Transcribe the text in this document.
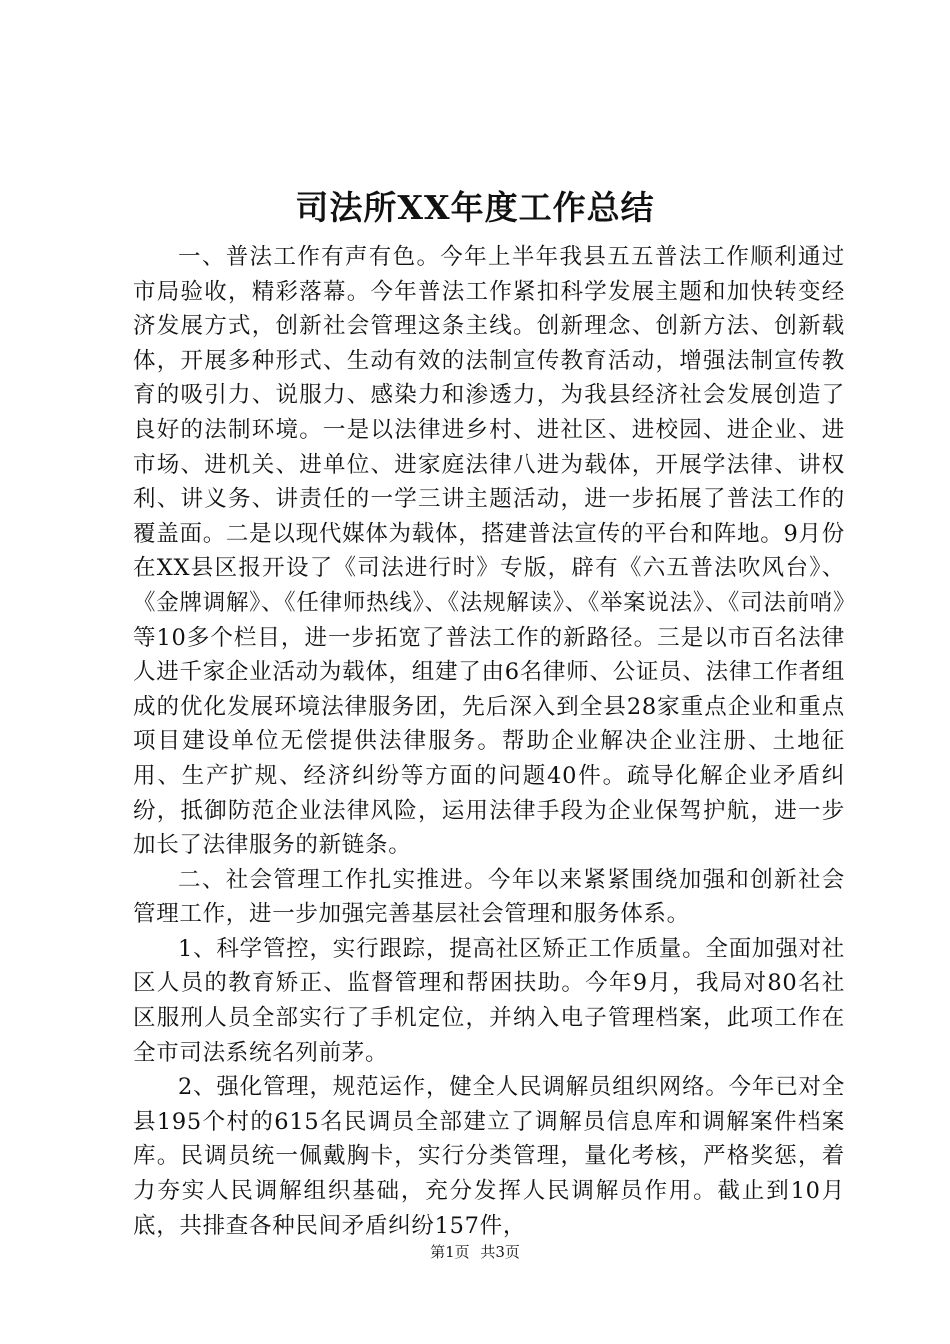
司法所XX年度工作总结

一、普法工作有声有色。今年上半年我县五五普法工作顺利通过市局验收，精彩落幕。今年普法工作紧扣科学发展主题和加快转变经济发展方式，创新社会管理这条主线。创新理念、创新方法、创新载体，开展多种形式、生动有效的法制宣传教育活动，增强法制宣传教育的吸引力、说服力、感染力和渗透力，为我县经济社会发展创造了良好的法制环境。一是以法律进乡村、进社区、进校园、进企业、进市场、进机关、进单位、进家庭法律八进为载体，开展学法律、讲权利、讲义务、讲责任的一学三讲主题活动，进一步拓展了普法工作的覆盖面。二是以现代媒体为载体，搭建普法宣传的平台和阵地。9月份在XX县区报开设了《司法进行时》专版，辟有《六五普法吹风台》、《金牌调解》、《任律师热线》、《法规解读》、《举案说法》、《司法前哨》等10多个栏目，进一步拓宽了普法工作的新路径。三是以市百名法律人进千家企业活动为载体，组建了由6名律师、公证员、法律工作者组成的优化发展环境法律服务团，先后深入到全县28家重点企业和重点项目建设单位无偿提供法律服务。帮助企业解决企业注册、土地征用、生产扩规、经济纠纷等方面的问题40件。疏导化解企业矛盾纠纷，抵御防范企业法律风险，运用法律手段为企业保驾护航，进一步加长了法律服务的新链条。

二、社会管理工作扎实推进。今年以来紧紧围绕加强和创新社会管理工作，进一步加强完善基层社会管理和服务体系。

1、科学管控，实行跟踪，提高社区矫正工作质量。全面加强对社区人员的教育矫正、监督管理和帮困扶助。今年9月，我局对80名社区服刑人员全部实行了手机定位，并纳入电子管理档案，此项工作在全市司法系统名列前茅。

2、强化管理，规范运作，健全人民调解员组织网络。今年已对全县195个村的615名民调员全部建立了调解员信息库和调解案件档案库。民调员统一佩戴胸卡，实行分类管理，量化考核，严格奖惩，着力夯实人民调解组织基础，充分发挥人民调解员作用。截止到10月底，共排查各种民间矛盾纠纷157件，

第1页 共3页
